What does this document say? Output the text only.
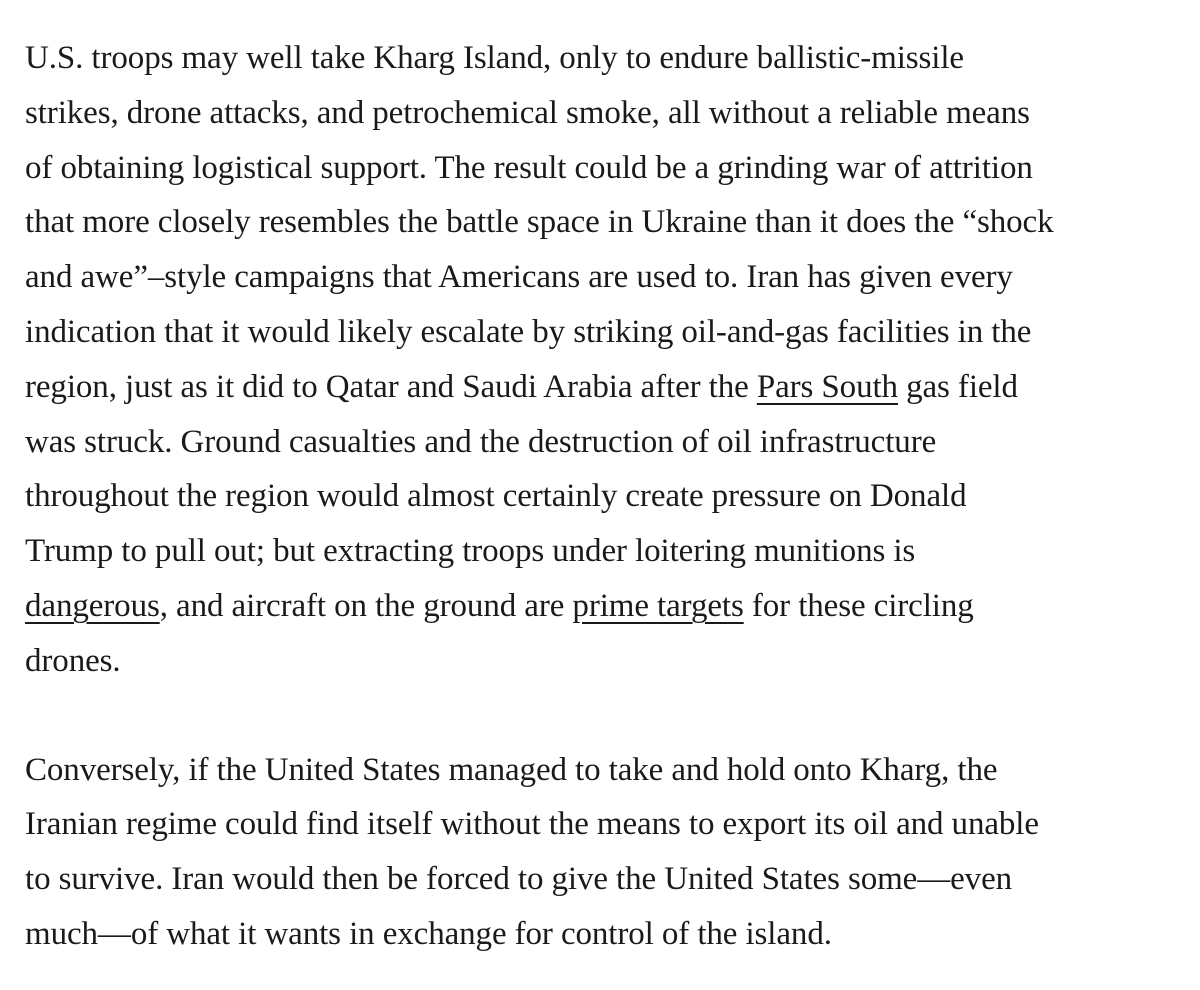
U.S. troops may well take Kharg Island, only to endure ballistic-missile
strikes, drone attacks, and petrochemical smoke, all without a reliable means
of obtaining logistical support. The result could be a grinding war of attrition
that more closely resembles the battle space in Ukraine than it does the “shock
and awe”–style campaigns that Americans are used to. Iran has given every
indication that it would likely escalate by striking oil-and-gas facilities in the
region, just as it did to Qatar and Saudi Arabia after the Pars South gas field
was struck. Ground casualties and the destruction of oil infrastructure
throughout the region would almost certainly create pressure on Donald
Trump to pull out; but extracting troops under loitering munitions is
dangerous, and aircraft on the ground are prime targets for these circling
drones.

Conversely, if the United States managed to take and hold onto Kharg, the
Iranian regime could find itself without the means to export its oil and unable
to survive. Iran would then be forced to give the United States some—even
much—of what it wants in exchange for control of the island.
